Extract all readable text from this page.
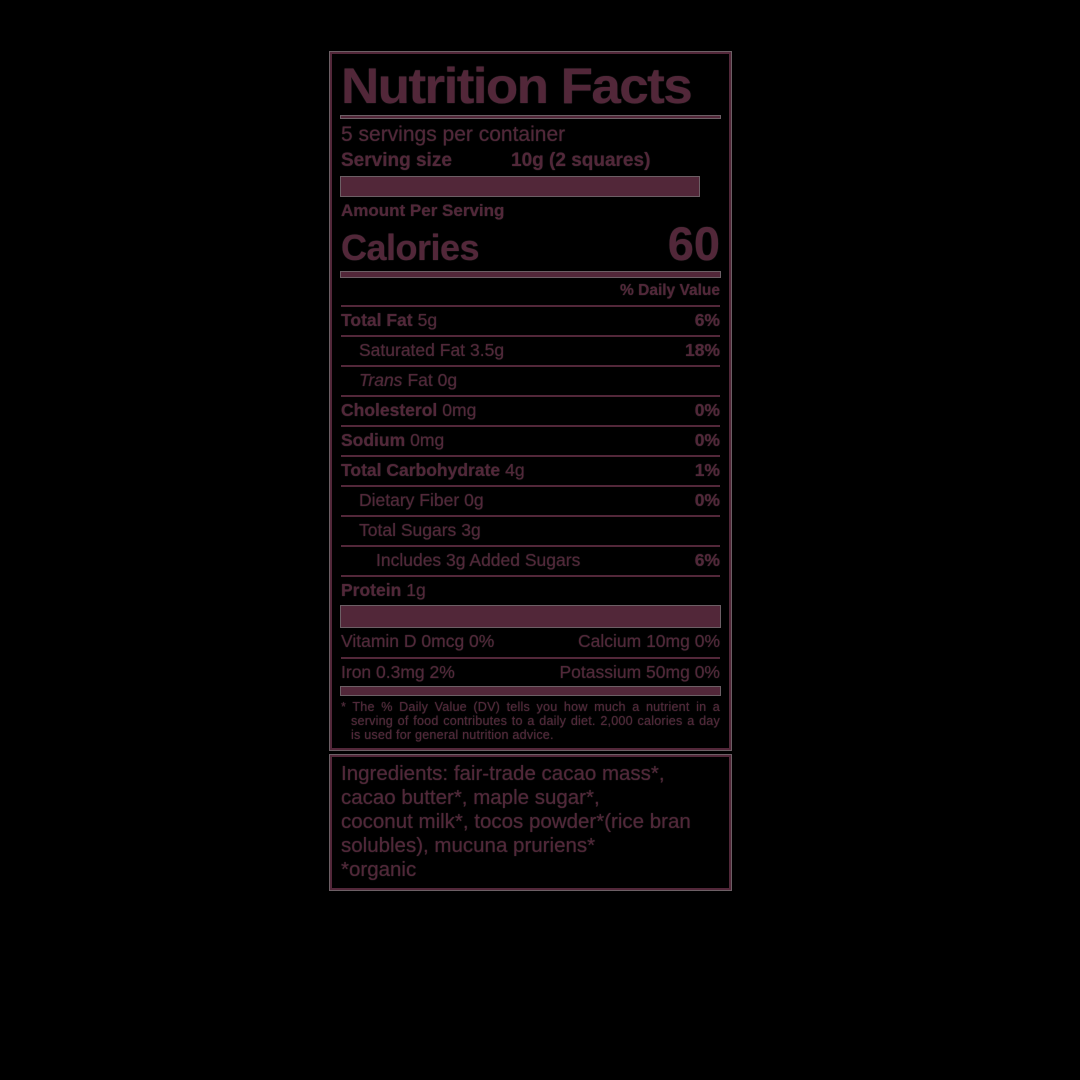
Nutrition Facts
5 servings per container
Serving size	10g (2 squares)
Amount Per Serving
Calories	60
% Daily Value
Total Fat 5g	6%
Saturated Fat 3.5g	18%
Trans Fat 0g
Cholesterol 0mg	0%
Sodium 0mg	0%
Total Carbohydrate 4g	1%
Dietary Fiber 0g	0%
Total Sugars 3g
Includes 3g Added Sugars	6%
Protein 1g
Vitamin D 0mcg 0%	Calcium 10mg 0%
Iron 0.3mg 2%	Potassium 50mg 0%
* The % Daily Value (DV) tells you how much a nutrient in a serving of food contributes to a daily diet. 2,000 calories a day is used for general nutrition advice.
Ingredients: fair-trade cacao mass*,
cacao butter*, maple sugar*,
coconut milk*, tocos powder*(rice bran
solubles), mucuna pruriens*
*organic
